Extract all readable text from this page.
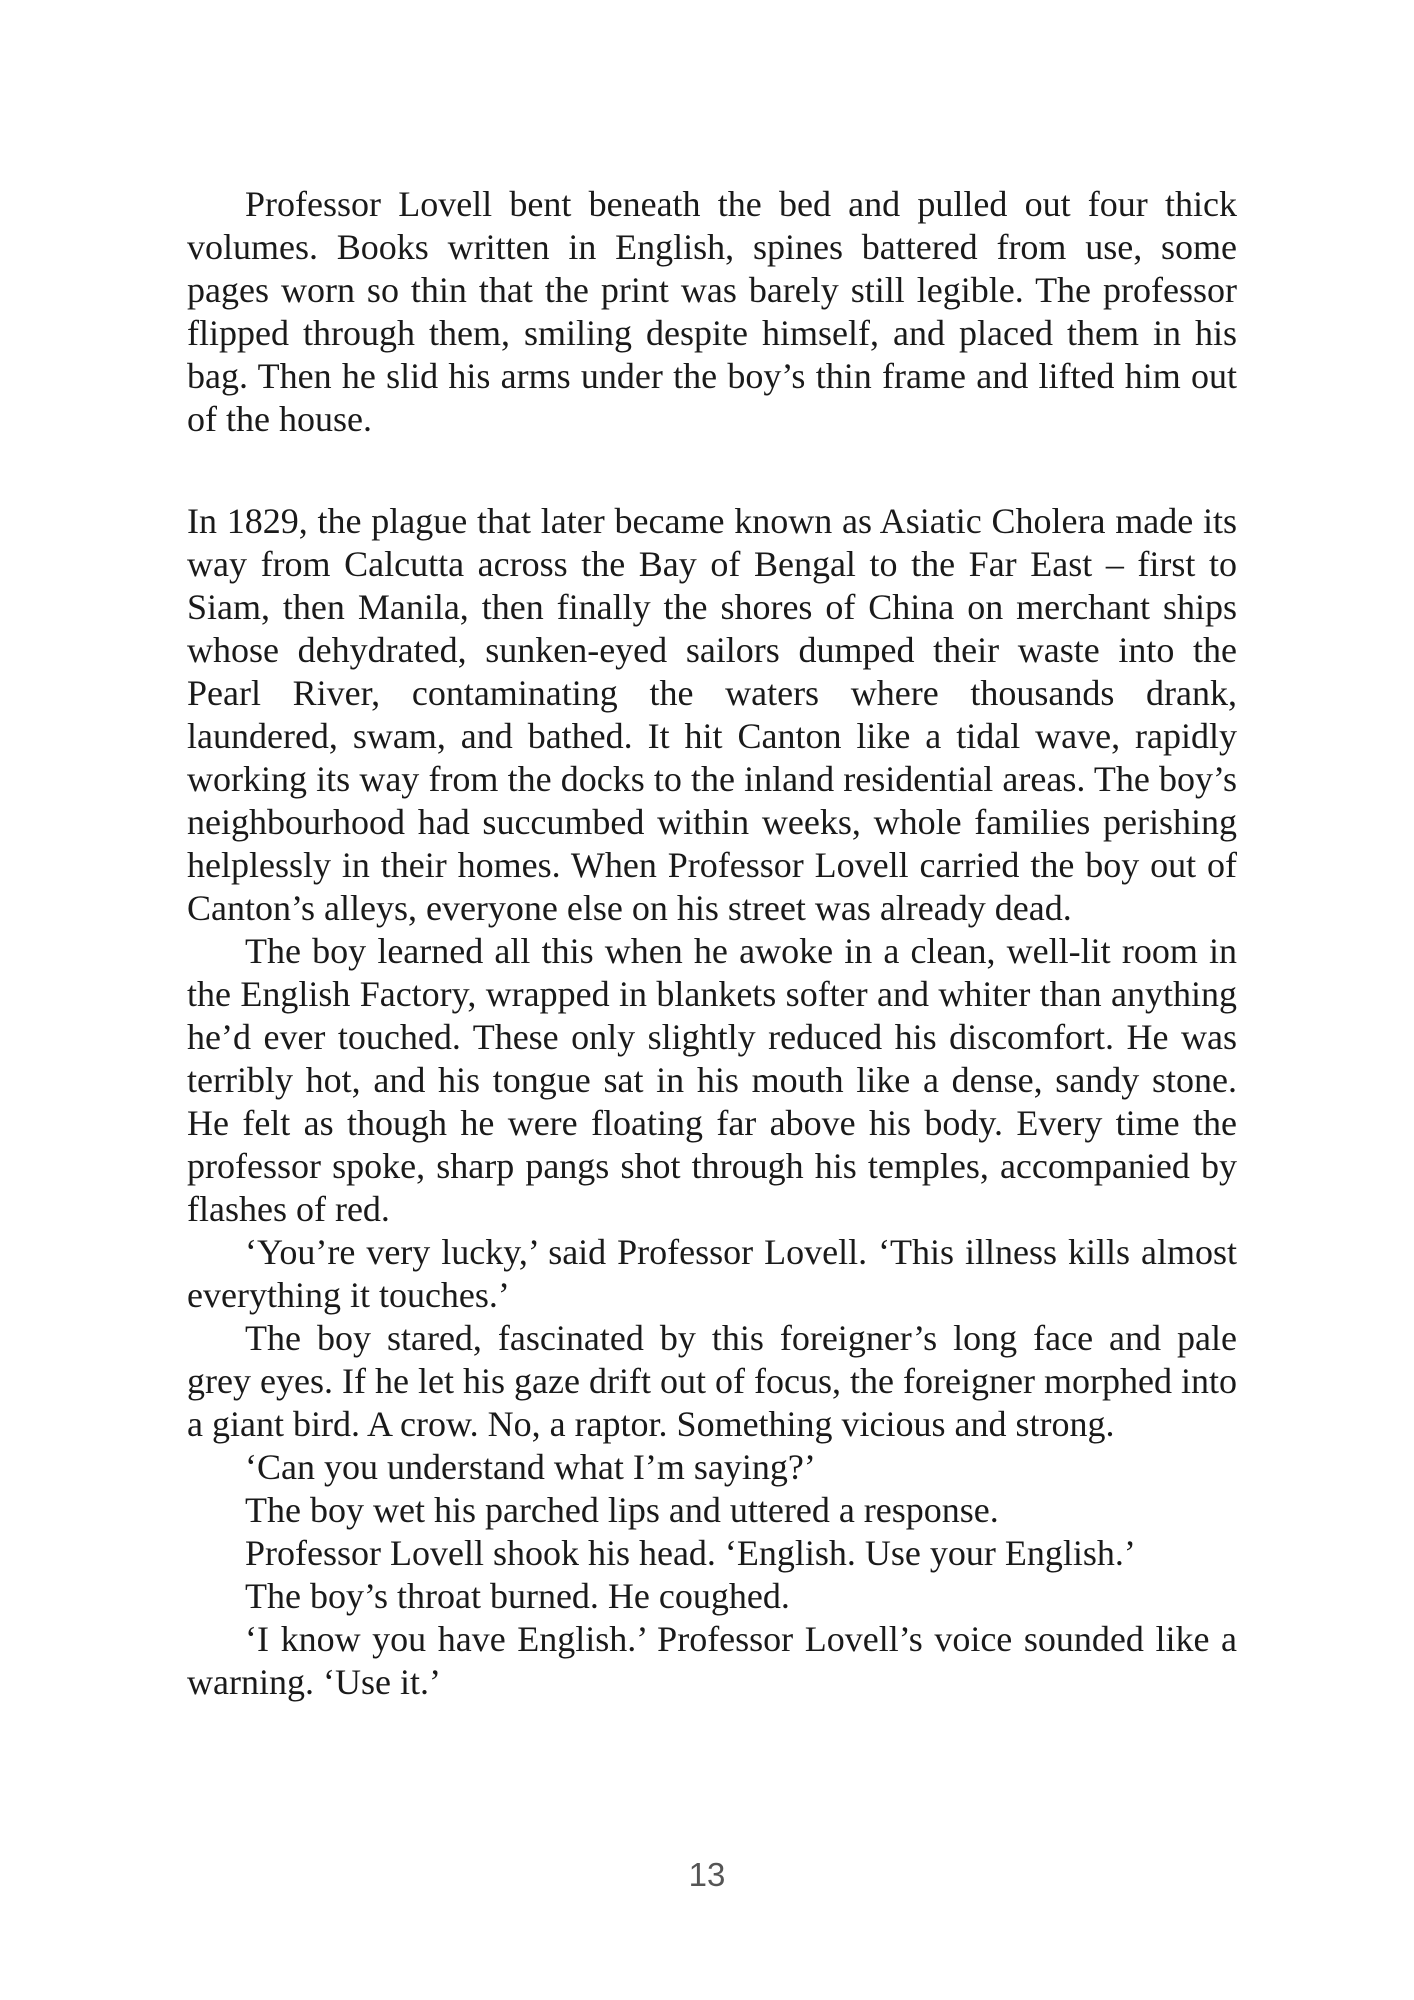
Professor Lovell bent beneath the bed and pulled out four thick volumes. Books written in English, spines battered from use, some pages worn so thin that the print was barely still legible. The professor flipped through them, smiling despite himself, and placed them in his bag. Then he slid his arms under the boy’s thin frame and lifted him out of the house.

In 1829, the plague that later became known as Asiatic Cholera made its way from Calcutta across the Bay of Bengal to the Far East – first to Siam, then Manila, then finally the shores of China on merchant ships whose dehydrated, sunken-eyed sailors dumped their waste into the Pearl River, contaminating the waters where thousands drank, laundered, swam, and bathed. It hit Canton like a tidal wave, rapidly working its way from the docks to the inland residential areas. The boy’s neighbourhood had succumbed within weeks, whole families perishing helplessly in their homes. When Professor Lovell carried the boy out of Canton’s alleys, everyone else on his street was already dead.

The boy learned all this when he awoke in a clean, well-lit room in the English Factory, wrapped in blankets softer and whiter than anything he’d ever touched. These only slightly reduced his discomfort. He was terribly hot, and his tongue sat in his mouth like a dense, sandy stone. He felt as though he were floating far above his body. Every time the professor spoke, sharp pangs shot through his temples, accompanied by flashes of red.

‘You’re very lucky,’ said Professor Lovell. ‘This illness kills almost everything it touches.’

The boy stared, fascinated by this foreigner’s long face and pale grey eyes. If he let his gaze drift out of focus, the foreigner morphed into a giant bird. A crow. No, a raptor. Something vicious and strong.

‘Can you understand what I’m saying?’

The boy wet his parched lips and uttered a response.

Professor Lovell shook his head. ‘English. Use your English.’

The boy’s throat burned. He coughed.

‘I know you have English.’ Professor Lovell’s voice sounded like a warning. ‘Use it.’

13
